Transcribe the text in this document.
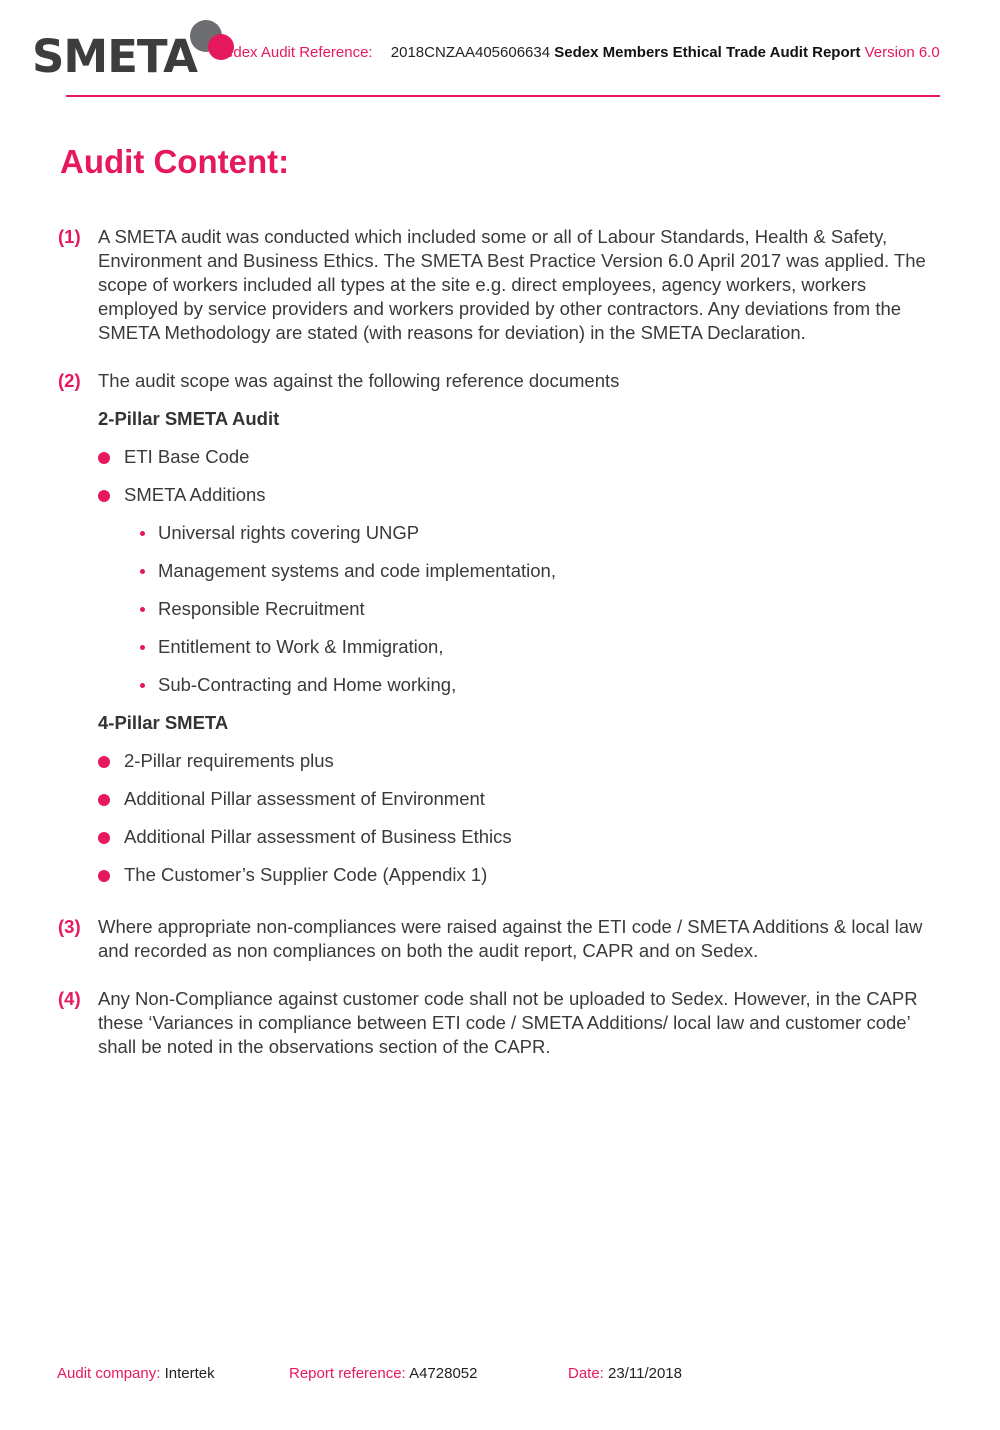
SMETA Sedex Audit Reference: 2018CNZAA405606634 Sedex Members Ethical Trade Audit Report Version 6.0
Audit Content:
(1) A SMETA audit was conducted which included some or all of Labour Standards, Health & Safety, Environment and Business Ethics. The SMETA Best Practice Version 6.0 April 2017 was applied. The scope of workers included all types at the site e.g. direct employees, agency workers, workers employed by service providers and workers provided by other contractors. Any deviations from the SMETA Methodology are stated (with reasons for deviation) in the SMETA Declaration.
(2) The audit scope was against the following reference documents
2-Pillar SMETA Audit
ETI Base Code
SMETA Additions
Universal rights covering UNGP
Management systems and code implementation,
Responsible Recruitment
Entitlement to Work & Immigration,
Sub-Contracting and Home working,
4-Pillar SMETA
2-Pillar requirements plus
Additional Pillar assessment of Environment
Additional Pillar assessment of Business Ethics
The Customer’s Supplier Code (Appendix 1)
(3) Where appropriate non-compliances were raised against the ETI code / SMETA Additions & local law and recorded as non compliances on both the audit report, CAPR and on Sedex.
(4) Any Non-Compliance against customer code shall not be uploaded to Sedex. However, in the CAPR these ‘Variances in compliance between ETI code / SMETA Additions/ local law and customer code’ shall be noted in the observations section of the CAPR.
Audit company: Intertek	Report reference: A4728052	Date: 23/11/2018
